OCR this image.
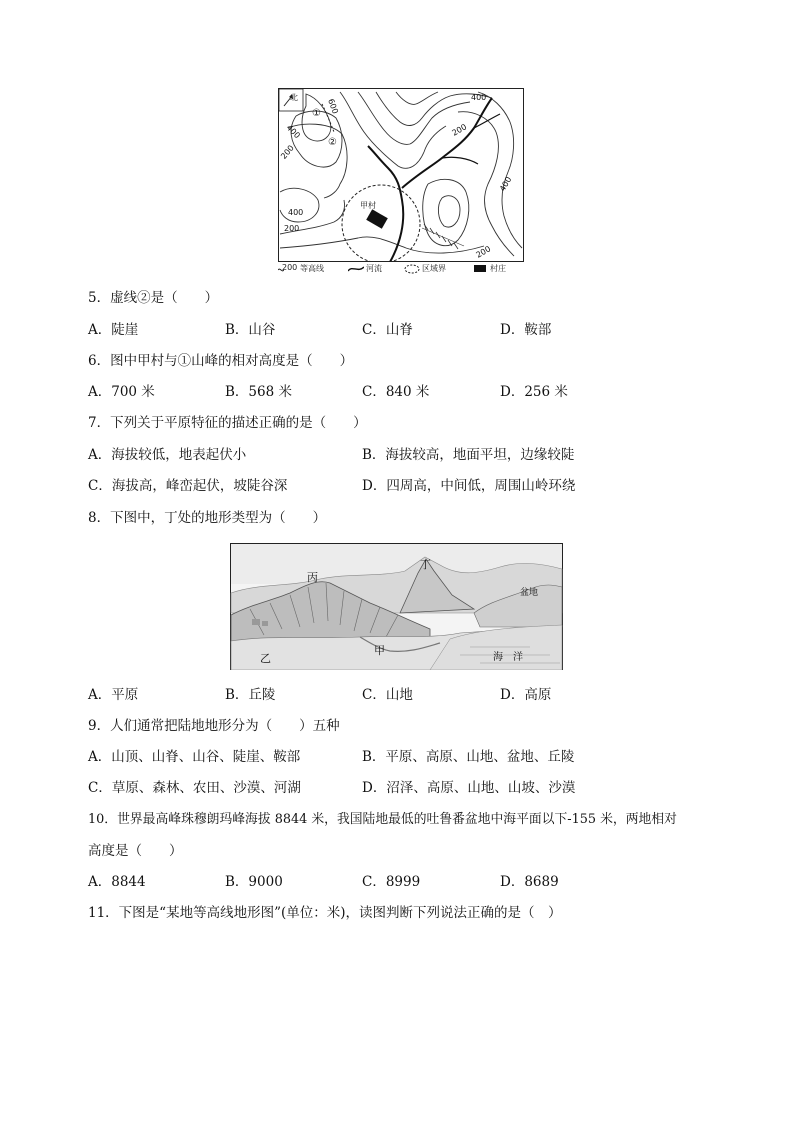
北
①
②
甲村
600
400
400
400
400
200
200
200
200
200 等高线	河流	区域界	村庄
5．虚线②是（　　）
A．陡崖	B．山谷	C．山脊	D．鞍部
6．图中甲村与①山峰的相对高度是（　　）
A．700 米	B．568 米	C．840 米	D．256 米
7．下列关于平原特征的描述正确的是（　　）
A．海拔较低，地表起伏小	B．海拔较高，地面平坦，边缘较陡
C．海拔高，峰峦起伏，坡陡谷深	D．四周高，中间低，周围山岭环绕
8．下图中，丁处的地形类型为（　　）
丙
丁
盆地
乙
甲
海　洋
A．平原	B．丘陵	C．山地	D．高原
9．人们通常把陆地地形分为（　　）五种
A．山顶、山脊、山谷、陡崖、鞍部	B．平原、高原、山地、盆地、丘陵
C．草原、森林、农田、沙漠、河湖	D．沼泽、高原、山地、山坡、沙漠
10．世界最高峰珠穆朗玛峰海拔 8844 米，我国陆地最低的吐鲁番盆地中海平面以下-155 米，两地相对
高度是（　　）
A．8844	B．9000	C．8999	D．8689
11．下图是“某地等高线地形图”(单位：米)，读图判断下列说法正确的是（　）
